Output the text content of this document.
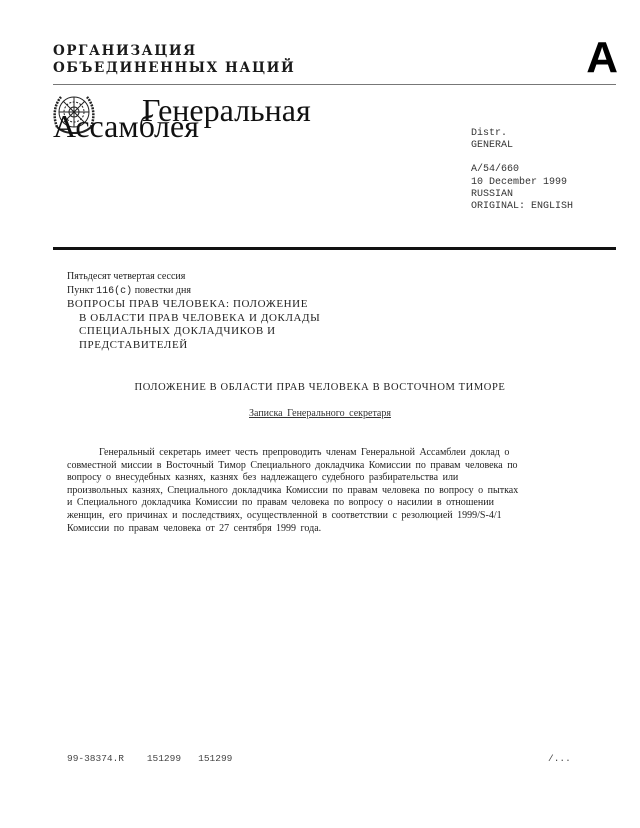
ОРГАНИЗАЦИЯ
ОБЪЕДИНЕННЫХ НАЦИЙ	A
Генеральная
Ассамблея	Distr.
GENERAL
A/54/660
10 December 1999
RUSSIAN
ORIGINAL: ENGLISH
Пятьдесят четвертая сессия
Пункт 116(c) повестки дня
ВОПРОСЫ ПРАВ ЧЕЛОВЕКА: ПОЛОЖЕНИЕ
В ОБЛАСТИ ПРАВ ЧЕЛОВЕКА И ДОКЛАДЫ
СПЕЦИАЛЬНЫХ ДОКЛАДЧИКОВ И
ПРЕДСТАВИТЕЛЕЙ
ПОЛОЖЕНИЕ В ОБЛАСТИ ПРАВ ЧЕЛОВЕКА В ВОСТОЧНОМ ТИМОРЕ
Записка Генерального секретаря
Генеральный секретарь имеет честь препроводить членам Генеральной Ассамблеи доклад о
совместной миссии в Восточный Тимор Специального докладчика Комиссии по правам человека по
вопросу о внесудебных казнях, казнях без надлежащего судебного разбирательства или
произвольных казнях, Специального докладчика Комиссии по правам человека по вопросу о пытках
и Специального докладчика Комиссии по правам человека по вопросу о насилии в отношении
женщин, его причинах и последствиях, осуществленной в соответствии с резолюцией 1999/S-4/1
Комиссии по правам человека от 27 сентября 1999 года.
99-38374.R 151299 151299	/...
